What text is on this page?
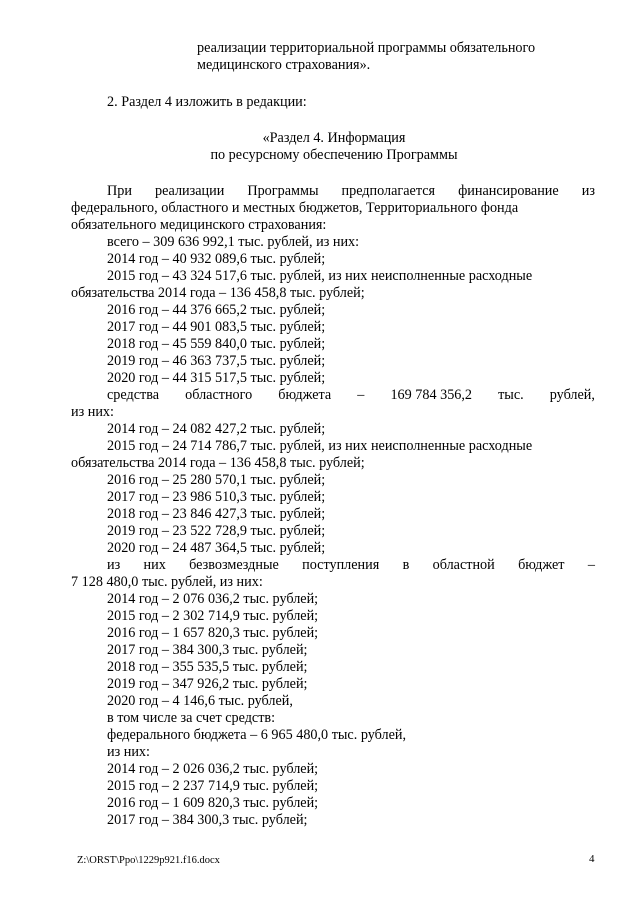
реализации территориальной программы обязательного
медицинского страхования».
2. Раздел 4 изложить в редакции:
«Раздел 4. Информация
по ресурсному обеспечению Программы
При реализации Программы предполагается финансирование из
федерального, областного и местных бюджетов, Территориального фонда
обязательного медицинского страхования:
всего – 309 636 992,1 тыс. рублей, из них:
2014 год – 40 932 089,6 тыс. рублей;
2015 год – 43 324 517,6 тыс. рублей, из них неисполненные расходные
обязательства 2014 года – 136 458,8 тыс. рублей;
2016 год – 44 376 665,2 тыс. рублей;
2017 год – 44 901 083,5 тыс. рублей;
2018 год – 45 559 840,0 тыс. рублей;
2019 год – 46 363 737,5 тыс. рублей;
2020 год – 44 315 517,5 тыс. рублей;
средства областного бюджета – 169 784 356,2 тыс. рублей,
из них:
2014 год – 24 082 427,2 тыс. рублей;
2015 год – 24 714 786,7 тыс. рублей, из них неисполненные расходные
обязательства 2014 года – 136 458,8 тыс. рублей;
2016 год – 25 280 570,1 тыс. рублей;
2017 год – 23 986 510,3 тыс. рублей;
2018 год – 23 846 427,3 тыс. рублей;
2019 год – 23 522 728,9 тыс. рублей;
2020 год – 24 487 364,5 тыс. рублей;
из них безвозмездные поступления в областной бюджет –
7 128 480,0 тыс. рублей, из них:
2014 год – 2 076 036,2 тыс. рублей;
2015 год – 2 302 714,9 тыс. рублей;
2016 год – 1 657 820,3 тыс. рублей;
2017 год – 384 300,3 тыс. рублей;
2018 год – 355 535,5 тыс. рублей;
2019 год – 347 926,2 тыс. рублей;
2020 год – 4 146,6 тыс. рублей,
в том числе за счет средств:
федерального бюджета – 6 965 480,0 тыс. рублей,
из них:
2014 год – 2 026 036,2 тыс. рублей;
2015 год – 2 237 714,9 тыс. рублей;
2016 год – 1 609 820,3 тыс. рублей;
2017 год – 384 300,3 тыс. рублей;
Z:\ORST\Ppo\1229p921.f16.docx	4
